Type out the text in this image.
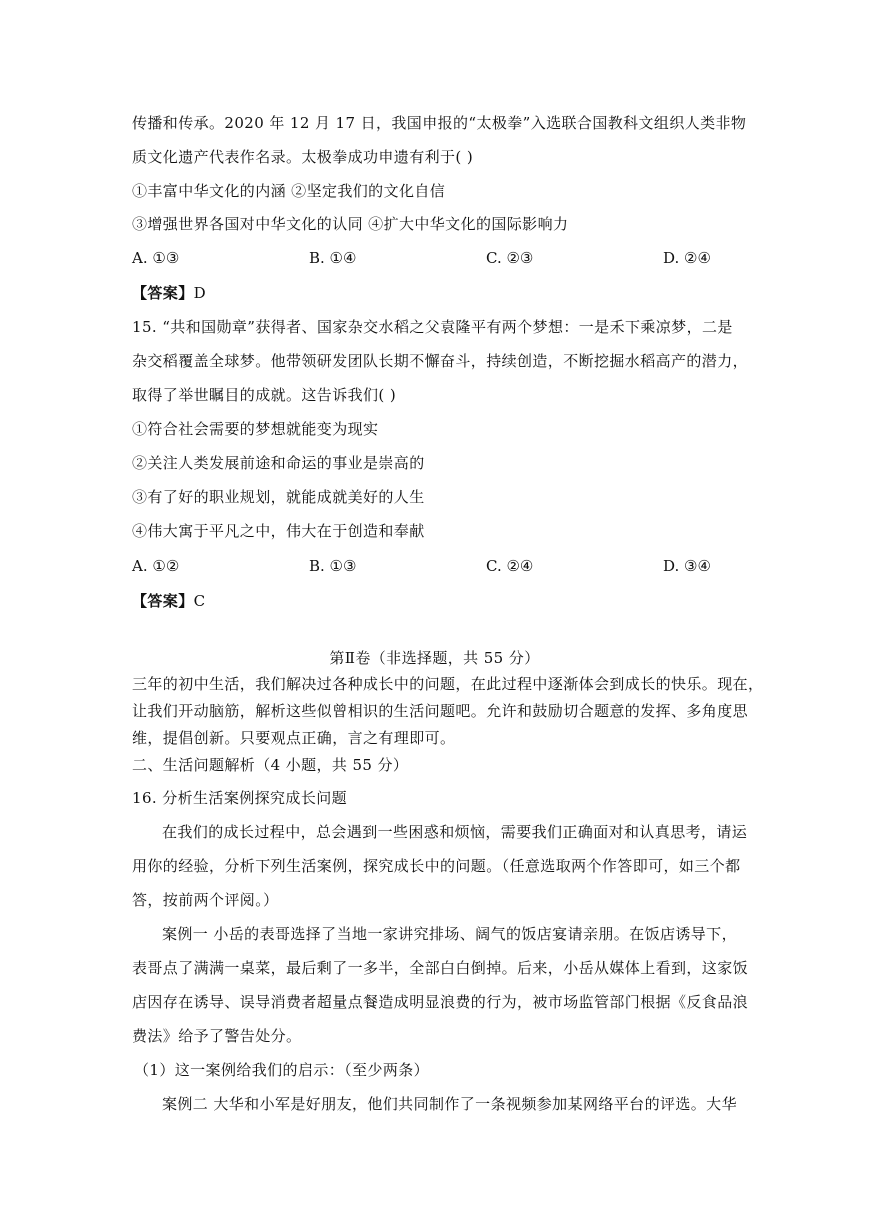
传播和传承。2020 年 12 月 17 日，我国申报的“太极拳”入选联合国教科文组织人类非物
质文化遗产代表作名录。太极拳成功申遗有利于( )
①丰富中华文化的内涵 ②坚定我们的文化自信
③增强世界各国对中华文化的认同 ④扩大中华文化的国际影响力
A. ①③	B. ①④	C. ②③	D. ②④
【答案】D
15. “共和国勋章”获得者、国家杂交水稻之父袁隆平有两个梦想：一是禾下乘凉梦，二是
杂交稻覆盖全球梦。他带领研发团队长期不懈奋斗，持续创造，不断挖掘水稻高产的潜力，
取得了举世瞩目的成就。这告诉我们( )
①符合社会需要的梦想就能变为现实
②关注人类发展前途和命运的事业是崇高的
③有了好的职业规划，就能成就美好的人生
④伟大寓于平凡之中，伟大在于创造和奉献
A. ①②	B. ①③	C. ②④	D. ③④
【答案】C
第Ⅱ卷（非选择题，共 55 分）
三年的初中生活，我们解决过各种成长中的问题，在此过程中逐渐体会到成长的快乐。现在，
让我们开动脑筋，解析这些似曾相识的生活问题吧。允许和鼓励切合题意的发挥、多角度思
维，提倡创新。只要观点正确，言之有理即可。
二、生活问题解析（4 小题，共 55 分）
16. 分析生活案例探究成长问题
在我们的成长过程中，总会遇到一些困惑和烦恼，需要我们正确面对和认真思考，请运
用你的经验，分析下列生活案例，探究成长中的问题。（任意选取两个作答即可，如三个都
答，按前两个评阅。）
案例一 小岳的表哥选择了当地一家讲究排场、阔气的饭店宴请亲朋。在饭店诱导下，
表哥点了满满一桌菜，最后剩了一多半，全部白白倒掉。后来，小岳从媒体上看到，这家饭
店因存在诱导、误导消费者超量点餐造成明显浪费的行为，被市场监管部门根据《反食品浪
费法》给予了警告处分。
（1）这一案例给我们的启示：（至少两条）
案例二 大华和小军是好朋友，他们共同制作了一条视频参加某网络平台的评选。大华
